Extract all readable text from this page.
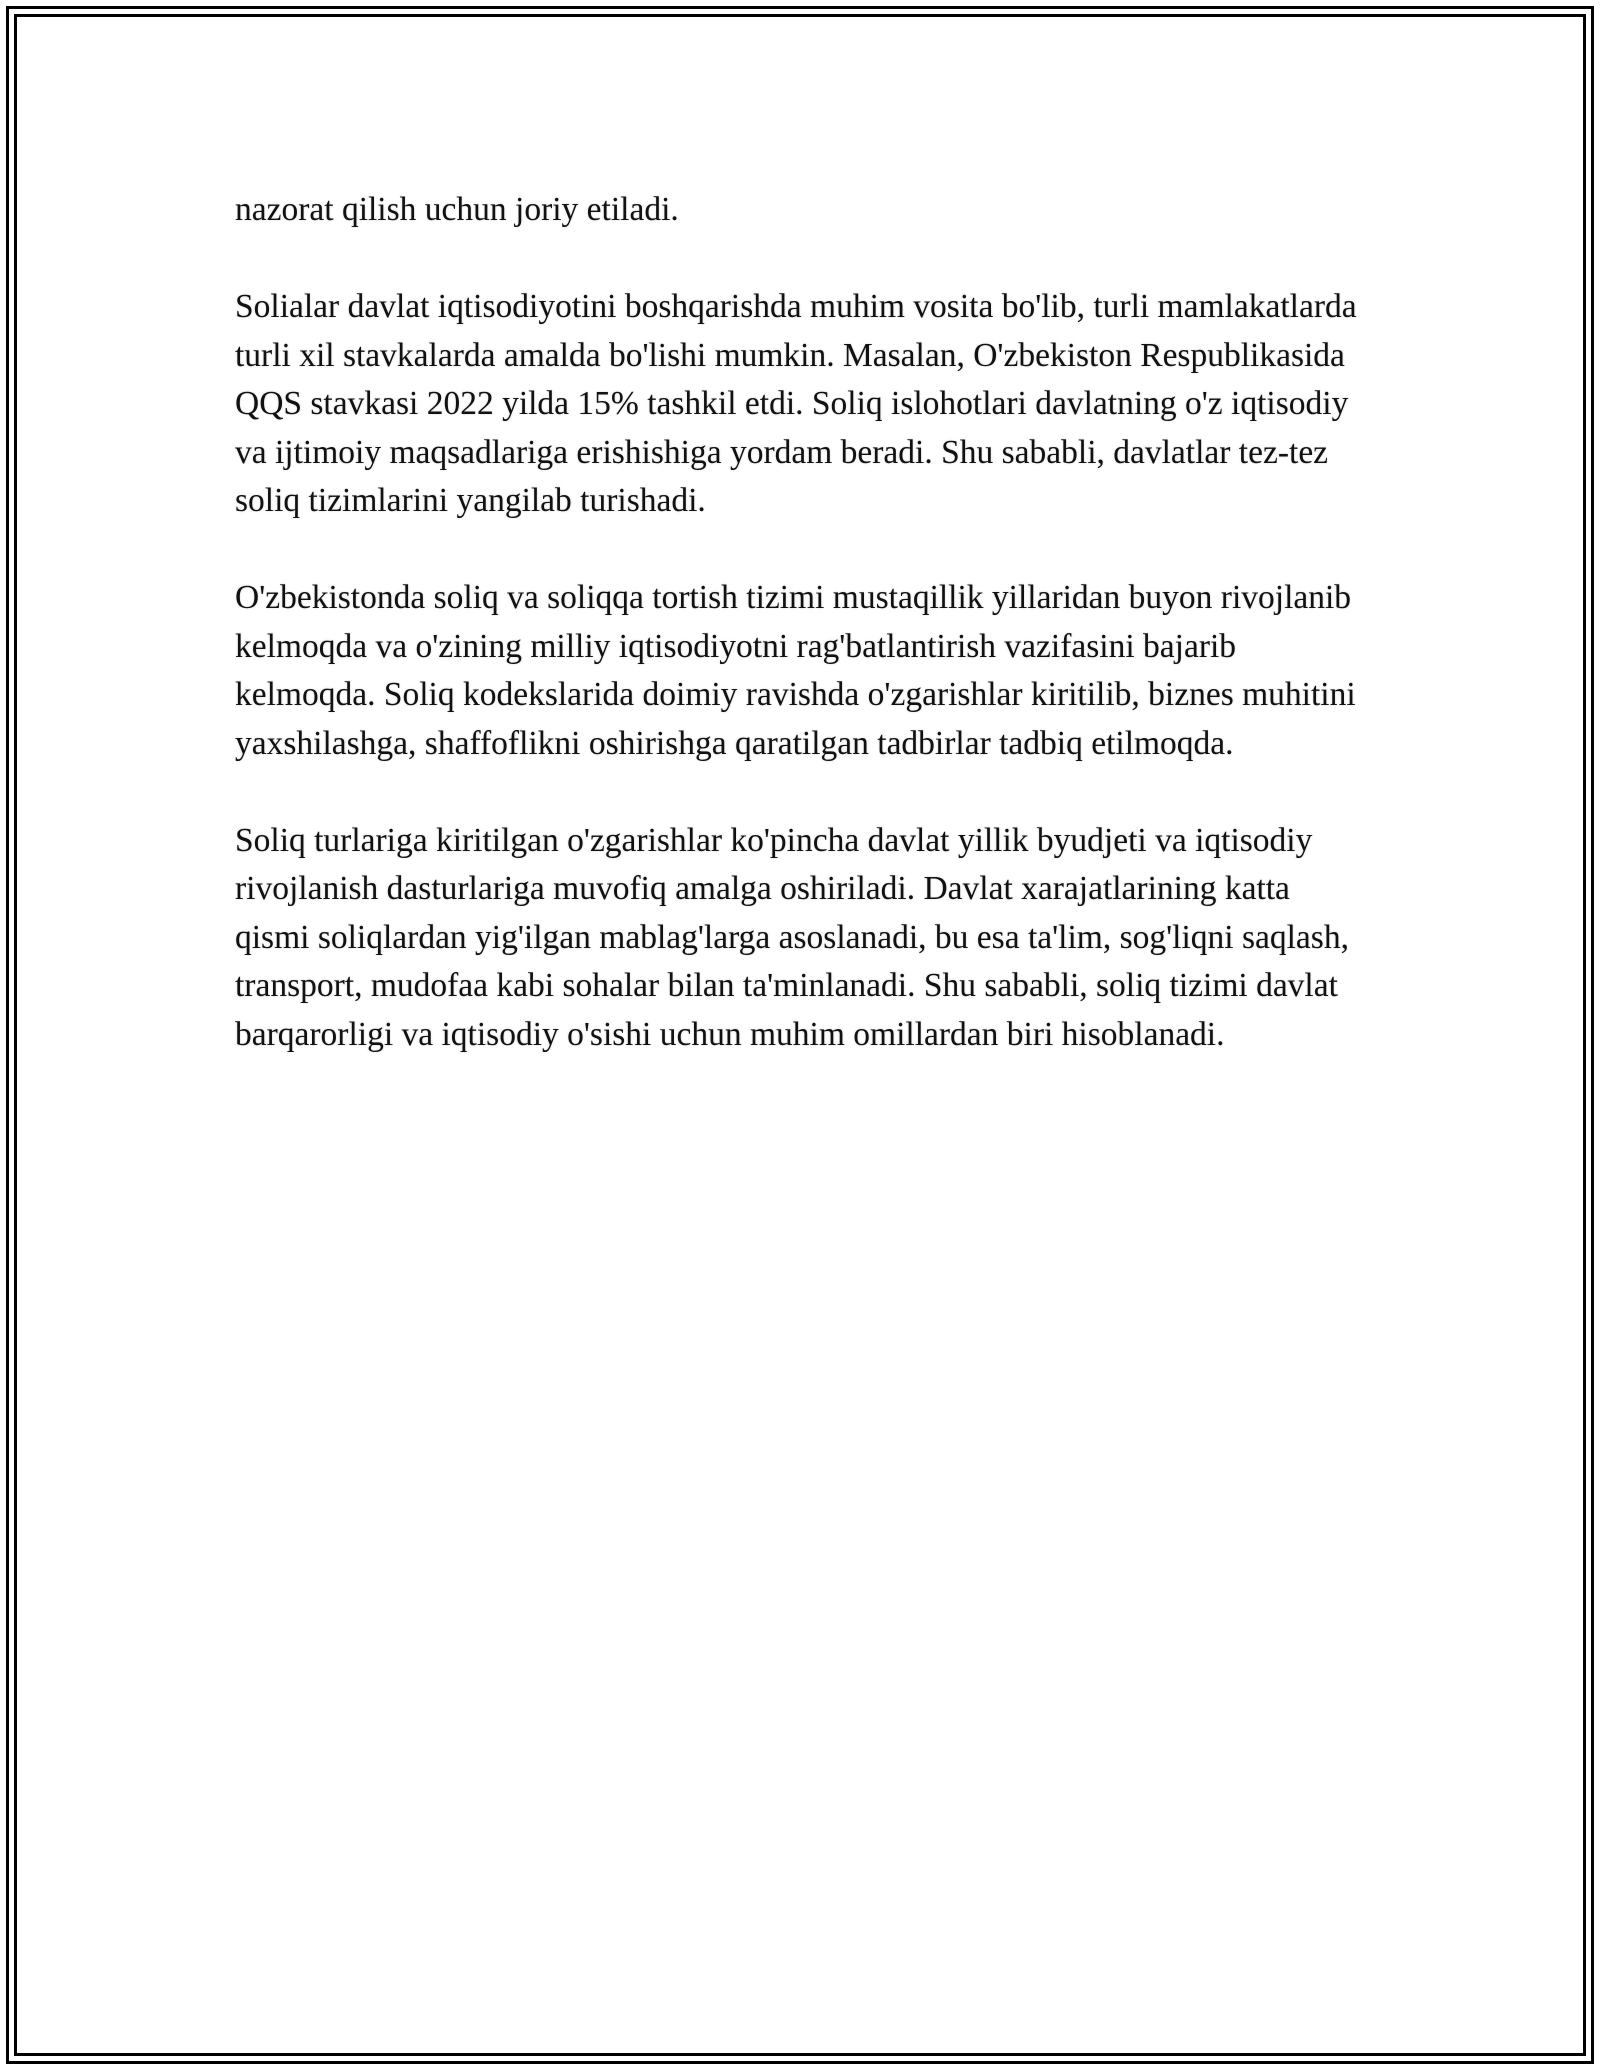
nazorat qilish uchun joriy etiladi.

Solialar davlat iqtisodiyotini boshqarishda muhim vosita bo'lib, turli mamlakatlarda turli xil stavkalarda amalda bo'lishi mumkin. Masalan, O'zbekiston Respublikasida QQS stavkasi 2022 yilda 15% tashkil etdi. Soliq islohotlari davlatning o'z iqtisodiy va ijtimoiy maqsadlariga erishishiga yordam beradi. Shu sababli, davlatlar tez-tez soliq tizimlarini yangilab turishadi.

O'zbekistonda soliq va soliqqa tortish tizimi mustaqillik yillaridan buyon rivojlanib kelmoqda va o'zining milliy iqtisodiyotni rag'batlantirish vazifasini bajarib kelmoqda. Soliq kodekslarida doimiy ravishda o'zgarishlar kiritilib, biznes muhitini yaxshilashga, shaffoflikni oshirishga qaratilgan tadbirlar tadbiq etilmoqda.

Soliq turlariga kiritilgan o'zgarishlar ko'pincha davlat yillik byudjeti va iqtisodiy rivojlanish dasturlariga muvofiq amalga oshiriladi. Davlat xarajatlarining katta qismi soliqlardan yig'ilgan mablag'larga asoslanadi, bu esa ta'lim, sog'liqni saqlash, transport, mudofaa kabi sohalar bilan ta'minlanadi. Shu sababli, soliq tizimi davlat barqarorligi va iqtisodiy o'sishi uchun muhim omillardan biri hisoblanadi.
